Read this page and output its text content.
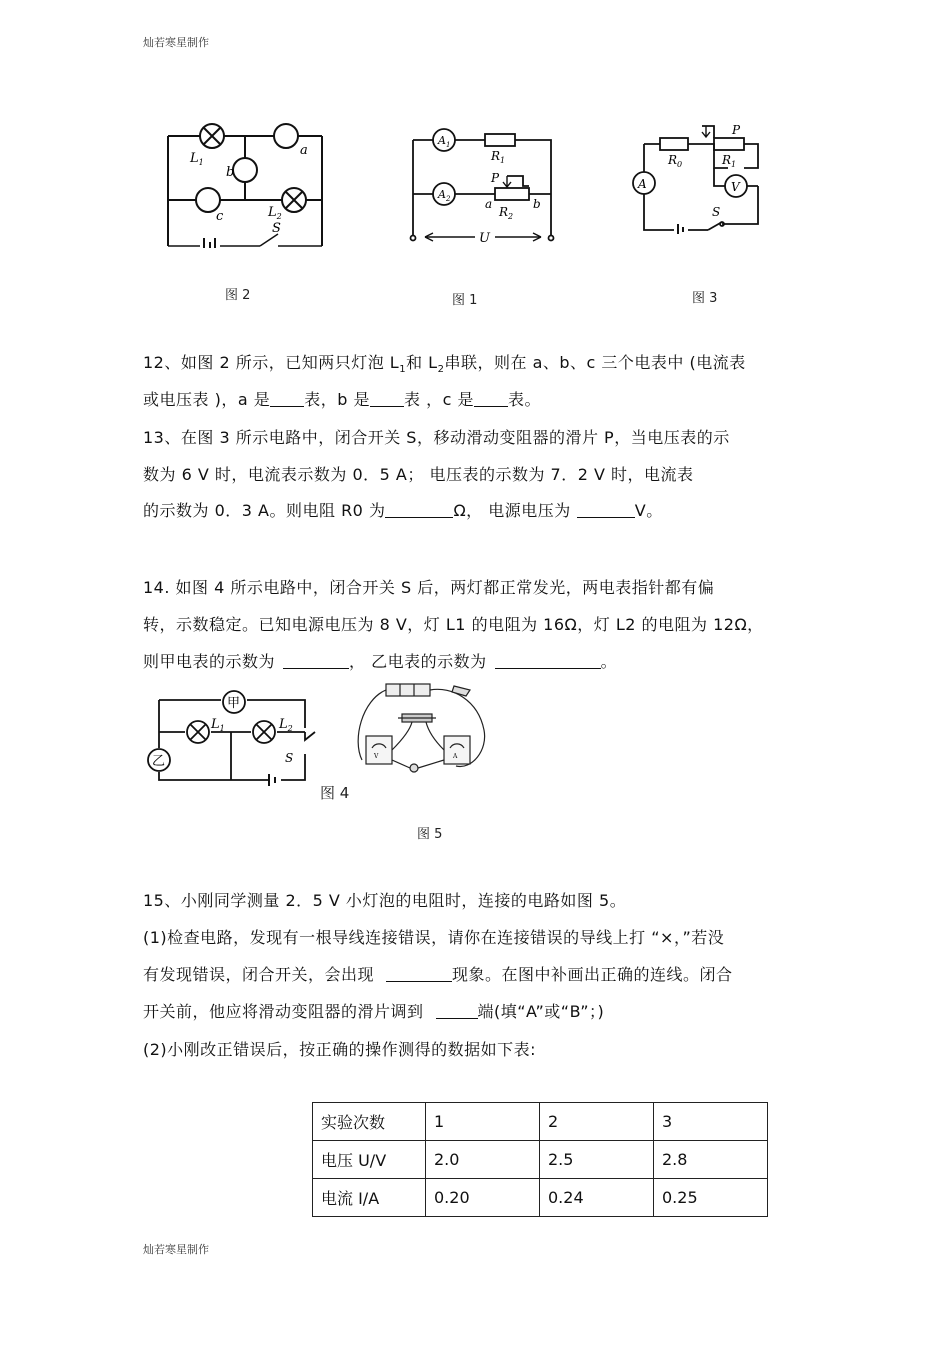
灿若寒星制作
$L_1$
a
b
c	$L_2$
S
图 2
$A_1$
$A_2$
$R_1$
$R_2$
P
a	b
U
图 1
A	V
$R_0$	$R_1$
P
S
图 3
12、如图 2 所示，已知两只灯泡 $L_1$和 $L_2$串联，则在 a、b、c 三个电表中 (电流表
或电压表 )，a 是 表，b 是 表 ，c 是 表。
13、在图 3 所示电路中，闭合开关 S，移动滑动变阻器的滑片 P，当电压表的示
数为 6 V 时，电流表示数为 0．5 A； 电压表的示数为 7．2 V 时，电流表
的示数为 0．3 A。则电阻 R0 为	Ω， 电源电压为	V。
14. 如图 4 所示电路中，闭合开关 S 后，两灯都正常发光，两电表指针都有偏
转，示数稳定。已知电源电压为 8 V，灯 L1 的电阻为 16Ω，灯 L2 的电阻为 12Ω，
则甲电表的示数为	， 乙电表的示数为	。
甲
乙
$L_1$	$L_2$
S
图 4
V	A
图 5
15、小刚同学测量 2．5 V 小灯泡的电阻时，连接的电路如图 5。
(1)检查电路，发现有一根导线连接错误，请你在连接错误的导线上打 “×，”若没
有发现错误，闭合开关，会出现	现象。在图中补画出正确的连线。闭合
开关前，他应将滑动变阻器的滑片调到	端(填“A”或“B”；)
(2)小刚改正错误后，按正确的操作测得的数据如下表:
实验次数	1	2	3
电压 U/V	2.0	2.5	2.8
电流 I/A	0.20	0.24	0.25
灿若寒星制作
